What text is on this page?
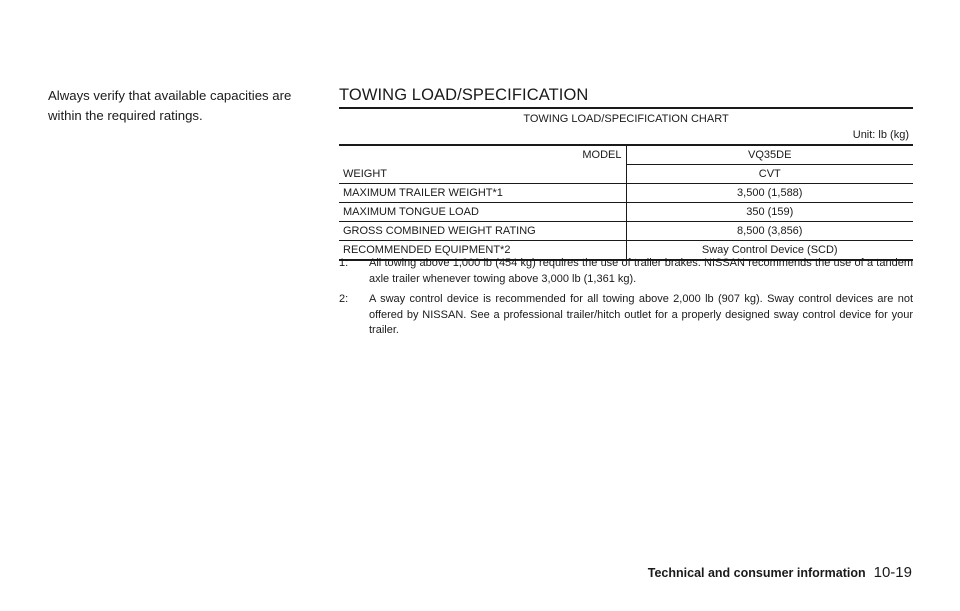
Always verify that available capacities are within the required ratings.

TOWING LOAD/SPECIFICATION
TOWING LOAD/SPECIFICATION CHART	
Unit: lb (kg)	
MODEL	VQ35DE
WEIGHT	CVT
MAXIMUM TRAILER WEIGHT*1	3,500 (1,588)
MAXIMUM TONGUE LOAD	350 (159)
GROSS COMBINED WEIGHT RATING	8,500 (3,856)
RECOMMENDED EQUIPMENT*2	Sway Control Device (SCD)
1: All towing above 1,000 lb (454 kg) requires the use of trailer brakes. NISSAN recommends the use of a tandem axle trailer whenever towing above 3,000 lb (1,361 kg).
2: A sway control device is recommended for all towing above 2,000 lb (907 kg). Sway control devices are not offered by NISSAN. See a professional trailer/hitch outlet for a properly designed sway control device for your trailer.
Technical and consumer information 10-19
